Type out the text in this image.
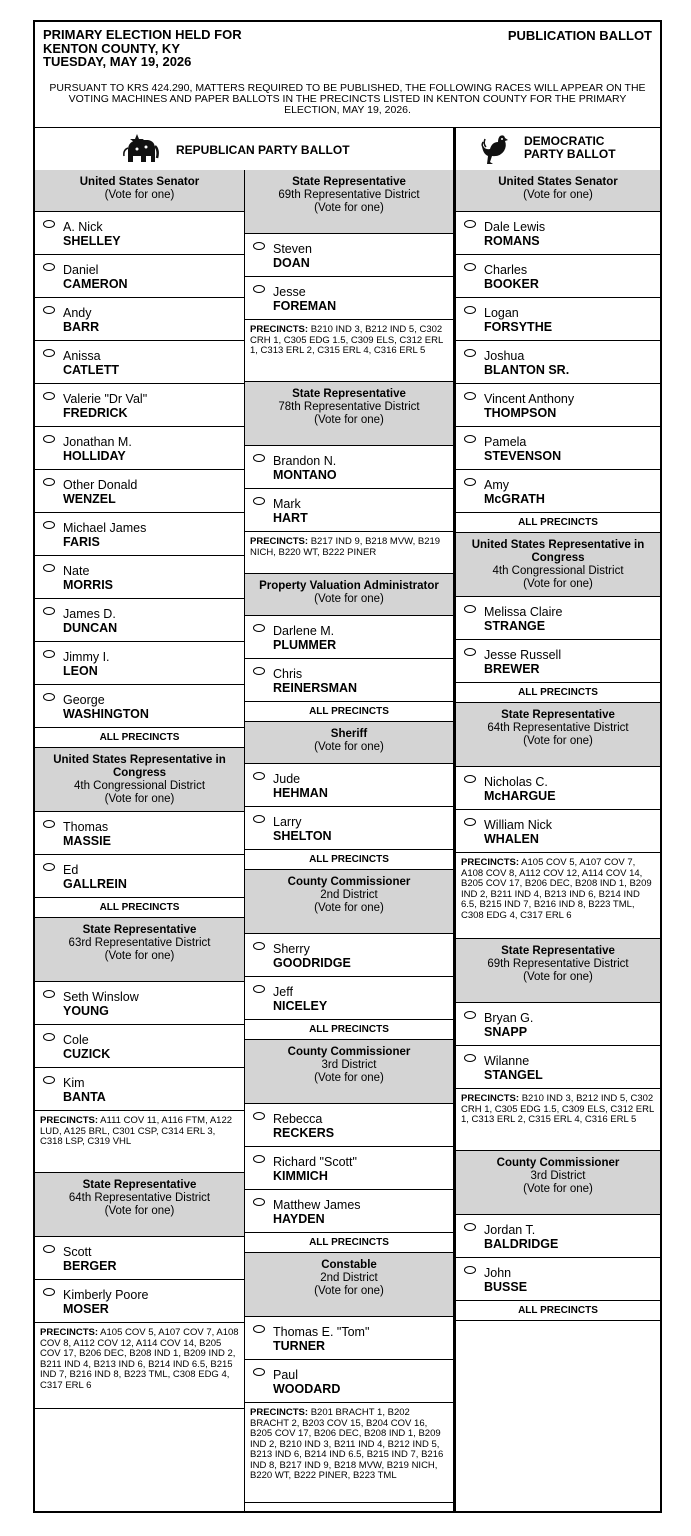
PRIMARY ELECTION HELD FOR
KENTON COUNTY, KY
TUESDAY, MAY 19, 2026
PUBLICATION BALLOT
PURSUANT TO KRS 424.290, MATTERS REQUIRED TO BE PUBLISHED, THE FOLLOWING RACES WILL APPEAR ON THE VOTING MACHINES AND PAPER BALLOTS IN THE PRECINCTS LISTED IN KENTON COUNTY FOR THE PRIMARY ELECTION, MAY 19, 2026.
REPUBLICAN PARTY BALLOT
DEMOCRATIC
PARTY BALLOT
United States Senator
(Vote for one)
A. Nick
SHELLEY
Daniel
CAMERON
Andy
BARR
Anissa
CATLETT
Valerie "Dr Val"
FREDRICK
Jonathan M.
HOLLIDAY
Other Donald
WENZEL
Michael James
FARIS
Nate
MORRIS
James D.
DUNCAN
Jimmy I.
LEON
George
WASHINGTON
ALL PRECINCTS
United States Representative in Congress
4th Congressional District
(Vote for one)
Thomas
MASSIE
Ed
GALLREIN
ALL PRECINCTS
State Representative
63rd Representative District
(Vote for one)
Seth Winslow
YOUNG
Cole
CUZICK
Kim
BANTA
PRECINCTS: A111 COV 11, A116 FTM, A122 LUD, A125 BRL, C301 CSP, C314 ERL 3, C318 LSP, C319 VHL
State Representative
64th Representative District
(Vote for one)
Scott
BERGER
Kimberly Poore
MOSER
PRECINCTS: A105 COV 5, A107 COV 7, A108 COV 8, A112 COV 12, A114 COV 14, B205 COV 17, B206 DEC, B208 IND 1, B209 IND 2, B211 IND 4, B213 IND 6, B214 IND 6.5, B215 IND 7, B216 IND 8, B223 TML, C308 EDG 4, C317 ERL 6
State Representative
69th Representative District
(Vote for one)
Steven
DOAN
Jesse
FOREMAN
PRECINCTS: B210 IND 3, B212 IND 5, C302 CRH 1, C305 EDG 1.5, C309 ELS, C312 ERL 1, C313 ERL 2, C315 ERL 4, C316 ERL 5
State Representative
78th Representative District
(Vote for one)
Brandon N.
MONTANO
Mark
HART
PRECINCTS: B217 IND 9, B218 MVW, B219 NICH, B220 WT, B222 PINER
Property Valuation Administrator
(Vote for one)
Darlene M.
PLUMMER
Chris
REINERSMAN
ALL PRECINCTS
Sheriff
(Vote for one)
Jude
HEHMAN
Larry
SHELTON
ALL PRECINCTS
County Commissioner
2nd District
(Vote for one)
Sherry
GOODRIDGE
Jeff
NICELEY
ALL PRECINCTS
County Commissioner
3rd District
(Vote for one)
Rebecca
RECKERS
Richard "Scott"
KIMMICH
Matthew James
HAYDEN
ALL PRECINCTS
Constable
2nd District
(Vote for one)
Thomas E. "Tom"
TURNER
Paul
WOODARD
PRECINCTS: B201 BRACHT 1, B202 BRACHT 2, B203 COV 15, B204 COV 16, B205 COV 17, B206 DEC, B208 IND 1, B209 IND 2, B210 IND 3, B211 IND 4, B212 IND 5, B213 IND 6, B214 IND 6.5, B215 IND 7, B216 IND 8, B217 IND 9, B218 MVW, B219 NICH, B220 WT, B222 PINER, B223 TML
United States Senator
(Vote for one)
Dale Lewis
ROMANS
Charles
BOOKER
Logan
FORSYTHE
Joshua
BLANTON SR.
Vincent Anthony
THOMPSON
Pamela
STEVENSON
Amy
McGRATH
ALL PRECINCTS
United States Representative in Congress
4th Congressional District
(Vote for one)
Melissa Claire
STRANGE
Jesse Russell
BREWER
ALL PRECINCTS
State Representative
64th Representative District
(Vote for one)
Nicholas C.
McHARGUE
William Nick
WHALEN
PRECINCTS: A105 COV 5, A107 COV 7, A108 COV 8, A112 COV 12, A114 COV 14, B205 COV 17, B206 DEC, B208 IND 1, B209 IND 2, B211 IND 4, B213 IND 6, B214 IND 6.5, B215 IND 7, B216 IND 8, B223 TML, C308 EDG 4, C317 ERL 6
State Representative
69th Representative District
(Vote for one)
Bryan G.
SNAPP
Wilanne
STANGEL
PRECINCTS: B210 IND 3, B212 IND 5, C302 CRH 1, C305 EDG 1.5, C309 ELS, C312 ERL 1, C313 ERL 2, C315 ERL 4, C316 ERL 5
County Commissioner
3rd District
(Vote for one)
Jordan T.
BALDRIDGE
John
BUSSE
ALL PRECINCTS
